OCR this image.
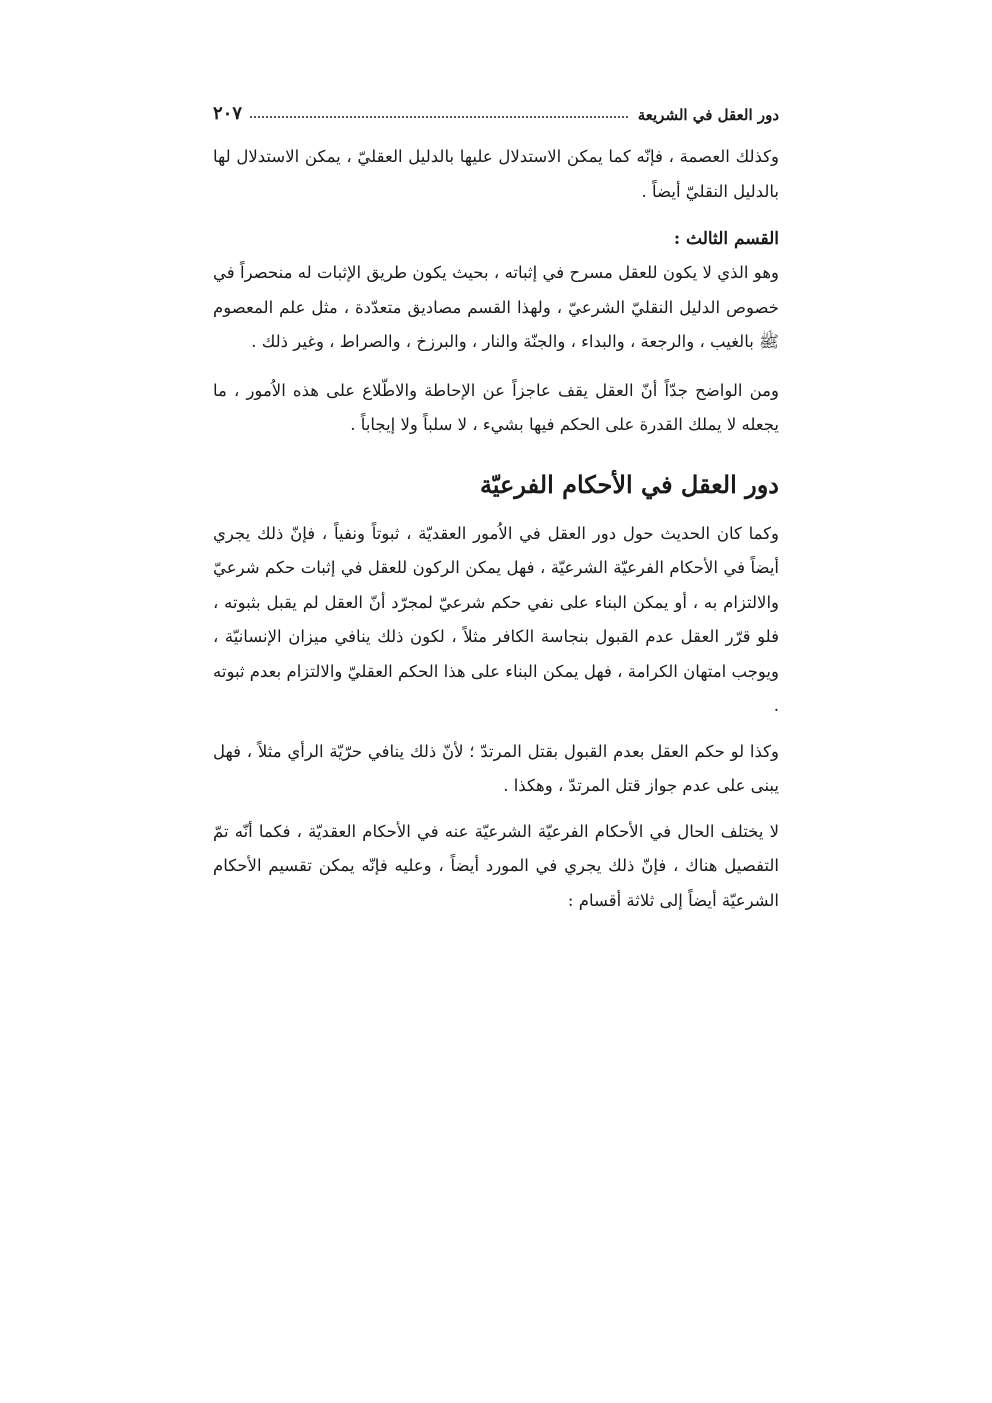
دور العقل في الشريعة
٢٠٧

وكذلك العصمة ، فإنّه كما يمكن الاستدلال عليها بالدليل العقليّ ، يمكن الاستدلال لها بالدليل النقليّ أيضاً .

القسم الثالث :

وهو الذي لا يكون للعقل مسرح في إثباته ، بحيث يكون طريق الإثبات له منحصراً في خصوص الدليل النقليّ الشرعيّ ، ولهذا القسم مصاديق متعدّدة ، مثل علم المعصوم ﷺ بالغيب ، والرجعة ، والبداء ، والجنّة والنار ، والبرزخ ، والصراط ، وغير ذلك .

ومن الواضح جدّاً أنّ العقل يقف عاجزاً عن الإحاطة والاطّلاع على هذه الاُمور ، ما يجعله لا يملك القدرة على الحكم فيها بشيء ، لا سلباً ولا إيجاباً .

دور العقل في الأحكام الفرعيّة

وكما كان الحديث حول دور العقل في الاُمور العقديّة ، ثبوتاً ونفياً ، فإنّ ذلك يجري أيضاً في الأحكام الفرعيّة الشرعيّة ، فهل يمكن الركون للعقل في إثبات حكم شرعيّ والالتزام به ، أو يمكن البناء على نفي حكم شرعيّ لمجرّد أنّ العقل لم يقبل بثبوته ، فلو قرّر العقل عدم القبول بنجاسة الكافر مثلاً ، لكون ذلك ينافي ميزان الإنسانيّة ، ويوجب امتهان الكرامة ، فهل يمكن البناء على هذا الحكم العقليّ والالتزام بعدم ثبوته .

وكذا لو حكم العقل بعدم القبول بقتل المرتدّ ؛ لأنّ ذلك ينافي حرّيّة الرأي مثلاً ، فهل يبنى على عدم جواز قتل المرتدّ ، وهكذا .

لا يختلف الحال في الأحكام الفرعيّة الشرعيّة عنه في الأحكام العقديّة ، فكما أنّه تمّ التفصيل هناك ، فإنّ ذلك يجري في المورد أيضاً ، وعليه فإنّه يمكن تقسيم الأحكام الشرعيّة أيضاً إلى ثلاثة أقسام :
